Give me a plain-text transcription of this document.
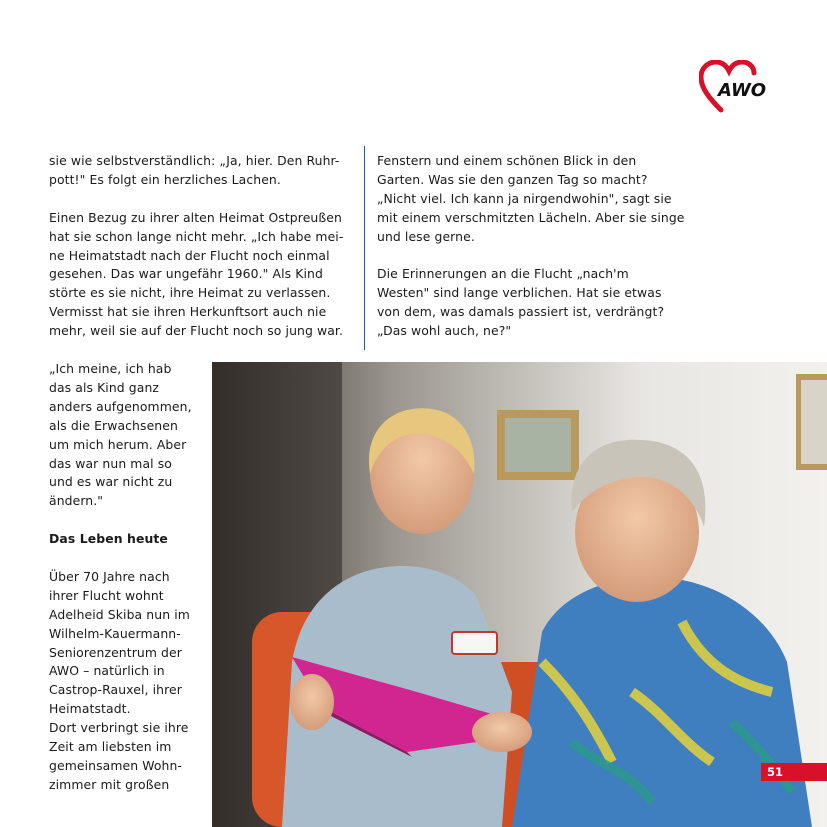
AWO

sie wie selbstverständlich: „Ja, hier. Den Ruhr-
pott!" Es folgt ein herzliches Lachen.

Einen Bezug zu ihrer alten Heimat Ostpreußen
hat sie schon lange nicht mehr. „Ich habe mei-
ne Heimatstadt nach der Flucht noch einmal
gesehen. Das war ungefähr 1960." Als Kind
störte es sie nicht, ihre Heimat zu verlassen.
Vermisst hat sie ihren Herkunftsort auch nie
mehr, weil sie auf der Flucht noch so jung war.

Fenstern und einem schönen Blick in den
Garten. Was sie den ganzen Tag so macht?
„Nicht viel. Ich kann ja nirgendwohin", sagt sie
mit einem verschmitzten Lächeln. Aber sie singe
und lese gerne.

Die Erinnerungen an die Flucht „nach'm
Westen" sind lange verblichen. Hat sie etwas
von dem, was damals passiert ist, verdrängt?
„Das wohl auch, ne?"

„Ich meine, ich hab
das als Kind ganz
anders aufgenommen,
als die Erwachsenen
um mich herum. Aber
das war nun mal so
und es war nicht zu
ändern."

Das Leben heute

Über 70 Jahre nach
ihrer Flucht wohnt
Adelheid Skiba nun im
Wilhelm-Kauermann-
Seniorenzentrum der
AWO – natürlich in
Castrop-Rauxel, ihrer
Heimatstadt.
Dort verbringt sie ihre
Zeit am liebsten im
gemeinsamen Wohn-
zimmer mit großen

51
